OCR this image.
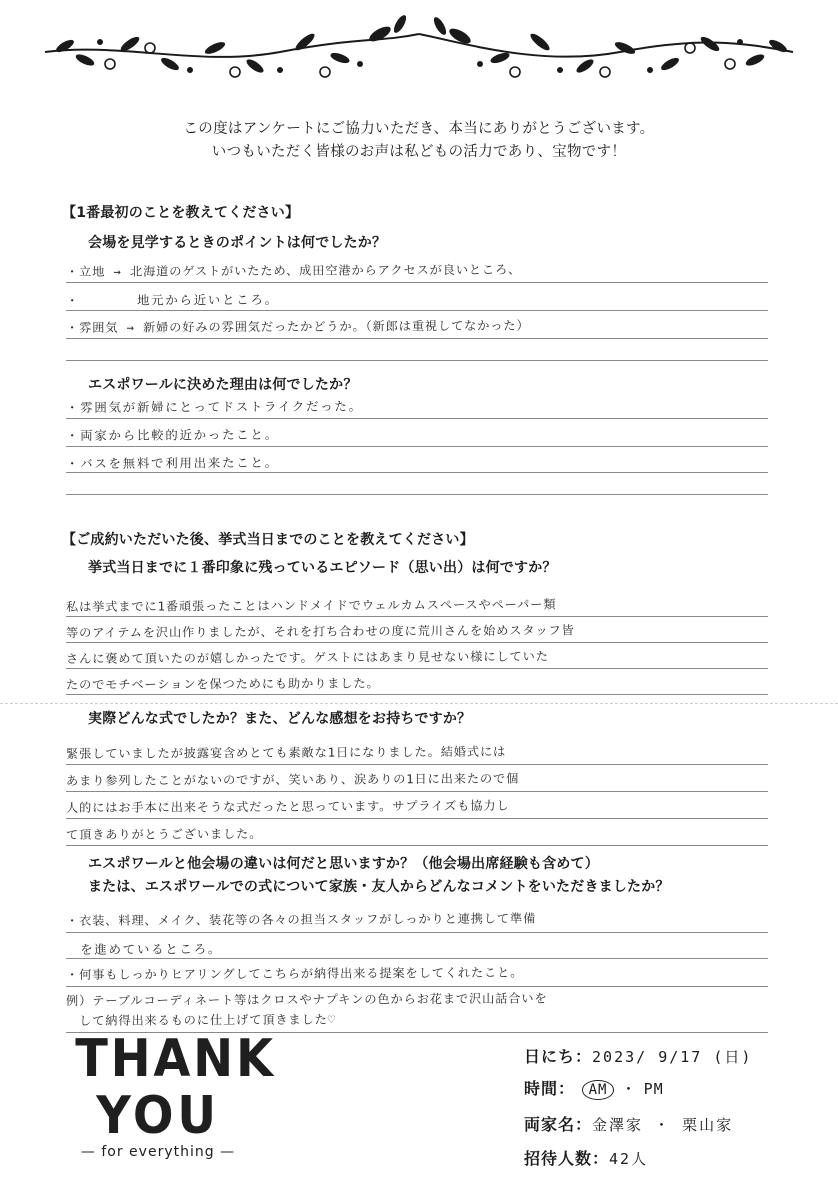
この度はアンケートにご協力いただき、本当にありがとうございます。
いつもいただく皆様のお声は私どもの活力であり、宝物です！
【1番最初のことを教えてください】
会場を見学するときのポイントは何でしたか？
・立地 → 北海道のゲストがいたため、成田空港からアクセスが良いところ、
・　　　　地元から近いところ。
・雰囲気 → 新婦の好みの雰囲気だったかどうか。（新郎は重視してなかった）
エスポワールに決めた理由は何でしたか？
・雰囲気が新婦にとってドストライクだった。
・両家から比較的近かったこと。
・バスを無料で利用出来たこと。
【ご成約いただいた後、挙式当日までのことを教えてください】
挙式当日までに１番印象に残っているエピソード（思い出）は何ですか？
私は挙式までに1番頑張ったことはハンドメイドでウェルカムスペースやペーパー類
等のアイテムを沢山作りましたが、それを打ち合わせの度に荒川さんを始めスタッフ皆
さんに褒めて頂いたのが嬉しかったです。ゲストにはあまり見せない様にしていた
たのでモチベーションを保つためにも助かりました。
実際どんな式でしたか？また、どんな感想をお持ちですか？
緊張していましたが披露宴含めとても素敵な1日になりました。結婚式には
あまり参列したことがないのですが、笑いあり、涙ありの1日に出来たので個
人的にはお手本に出来そうな式だったと思っています。サプライズも協力し
て頂きありがとうございました。
エスポワールと他会場の違いは何だと思いますか？（他会場出席経験も含めて）
または、エスポワールでの式について家族・友人からどんなコメントをいただきましたか？
・衣装、料理、メイク、装花等の各々の担当スタッフがしっかりと連携して準備
　を進めているところ。
・何事もしっかりヒアリングしてこちらが納得出来る提案をしてくれたこと。
例）テーブルコーディネート等はクロスやナプキンの色からお花まで沢山話合いを
　して納得出来るものに仕上げて頂きました♡
THANK
YOU
— for everything —
日にち：2023/ 9/17 (日)
時間： AM ・ PM
両家名：金澤家 ・ 栗山家
招待人数：42人
